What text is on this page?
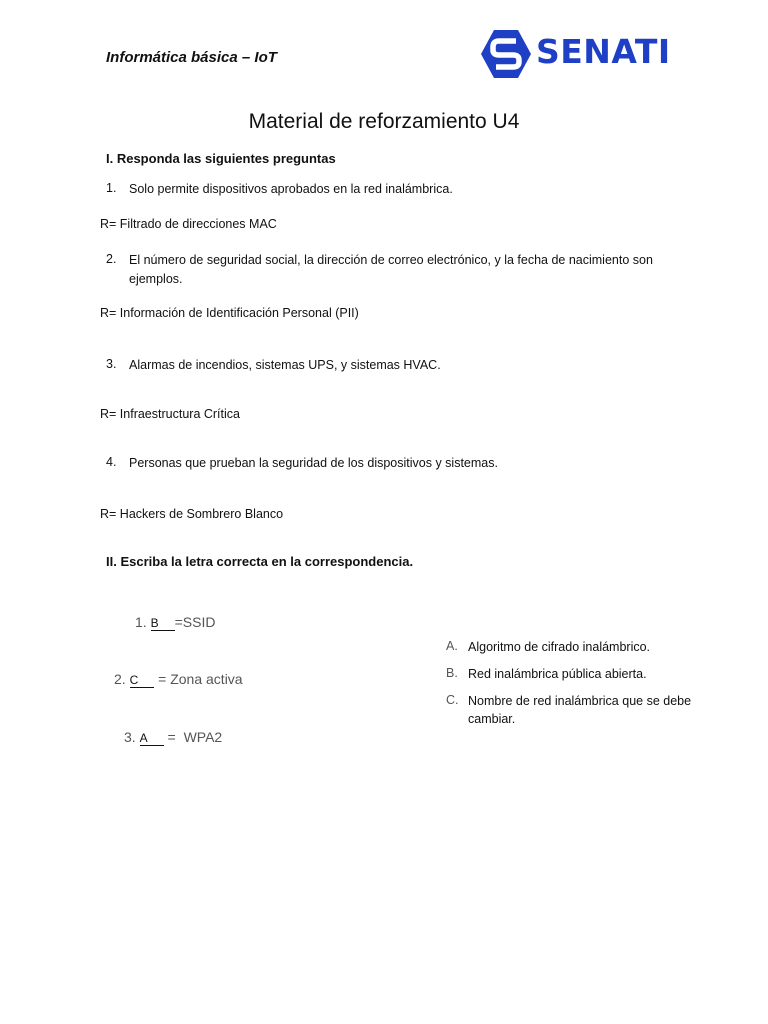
Informática básica – IoT	SENATI
Material de reforzamiento U4
I. Responda las siguientes preguntas
1. Solo permite dispositivos aprobados en la red inalámbrica.
R= Filtrado de direcciones MAC
2. El número de seguridad social, la dirección de correo electrónico, y la fecha de nacimiento son ejemplos.
R= Información de Identificación Personal (PII)
3. Alarmas de incendios, sistemas UPS, y sistemas HVAC.
R= Infraestructura Crítica
4. Personas que prueban la seguridad de los dispositivos y sistemas.
R= Hackers de Sombrero Blanco
II. Escriba la letra correcta en la correspondencia.
1. B =SSID
2. C = Zona activa
3. A = WPA2
A. Algoritmo de cifrado inalámbrico.
B. Red inalámbrica pública abierta.
C. Nombre de red inalámbrica que se debe cambiar.
